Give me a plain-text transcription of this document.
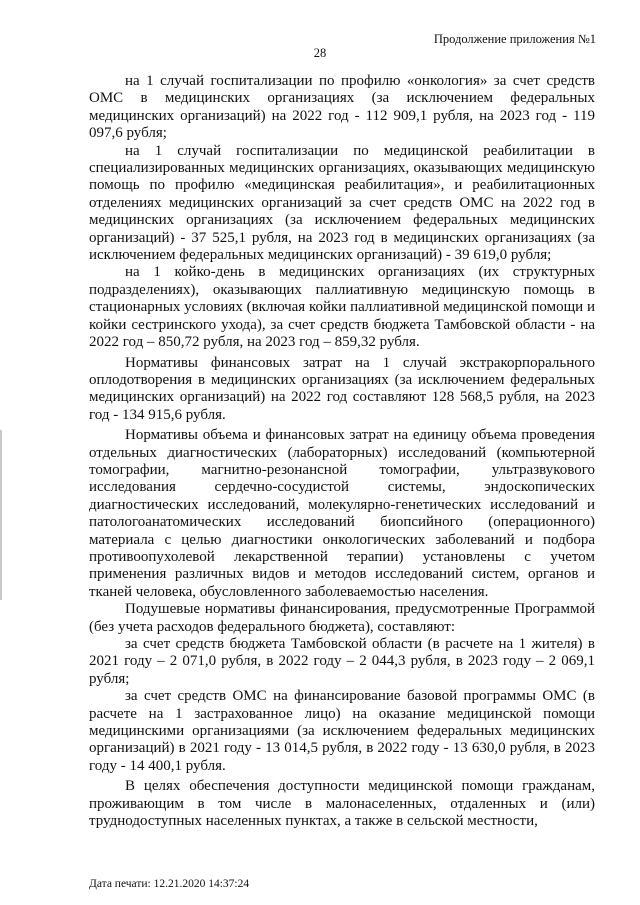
Продолжение приложения №1
28

на 1 случай госпитализации по профилю «онкология» за счет средств ОМС в медицинских организациях (за исключением федеральных медицинских организаций) на 2022 год - 112 909,1 рубля, на 2023 год - 119 097,6 рубля;

на 1 случай госпитализации по медицинской реабилитации в специализированных медицинских организациях, оказывающих медицинскую помощь по профилю «медицинская реабилитация», и реабилитационных отделениях медицинских организаций за счет средств ОМС на 2022 год в медицинских организациях (за исключением федеральных медицинских организаций) - 37 525,1 рубля, на 2023 год в медицинских организациях (за исключением федеральных медицинских организаций) - 39 619,0 рубля;

на 1 койко-день в медицинских организациях (их структурных подразделениях), оказывающих паллиативную медицинскую помощь в стационарных условиях (включая койки паллиативной медицинской помощи и койки сестринского ухода), за счет средств бюджета Тамбовской области - на 2022 год – 850,72 рубля, на 2023 год – 859,32 рубля.

Нормативы финансовых затрат на 1 случай экстракорпорального оплодотворения в медицинских организациях (за исключением федеральных медицинских организаций) на 2022 год составляют 128 568,5 рубля, на 2023 год - 134 915,6 рубля.

Нормативы объема и финансовых затрат на единицу объема проведения отдельных диагностических (лабораторных) исследований (компьютерной томографии, магнитно-резонансной томографии, ультразвукового исследования сердечно-сосудистой системы, эндоскопических диагностических исследований, молекулярно-генетических исследований и патологоанатомических исследований биопсийного (операционного) материала с целью диагностики онкологических заболеваний и подбора противоопухолевой лекарственной терапии) установлены с учетом применения различных видов и методов исследований систем, органов и тканей человека, обусловленного заболеваемостью населения.

Подушевые нормативы финансирования, предусмотренные Программой (без учета расходов федерального бюджета), составляют:

за счет средств бюджета Тамбовской области (в расчете на 1 жителя) в 2021 году – 2 071,0 рубля, в 2022 году – 2 044,3 рубля, в 2023 году – 2 069,1 рубля;

за счет средств ОМС на финансирование базовой программы ОМС (в расчете на 1 застрахованное лицо) на оказание медицинской помощи медицинскими организациями (за исключением федеральных медицинских организаций) в 2021 году - 13 014,5 рубля, в 2022 году - 13 630,0 рубля, в 2023 году - 14 400,1 рубля.

В целях обеспечения доступности медицинской помощи гражданам, проживающим в том числе в малонаселенных, отдаленных и (или) труднодоступных населенных пунктах, а также в сельской местности,

Дата печати: 12.21.2020 14:37:24
